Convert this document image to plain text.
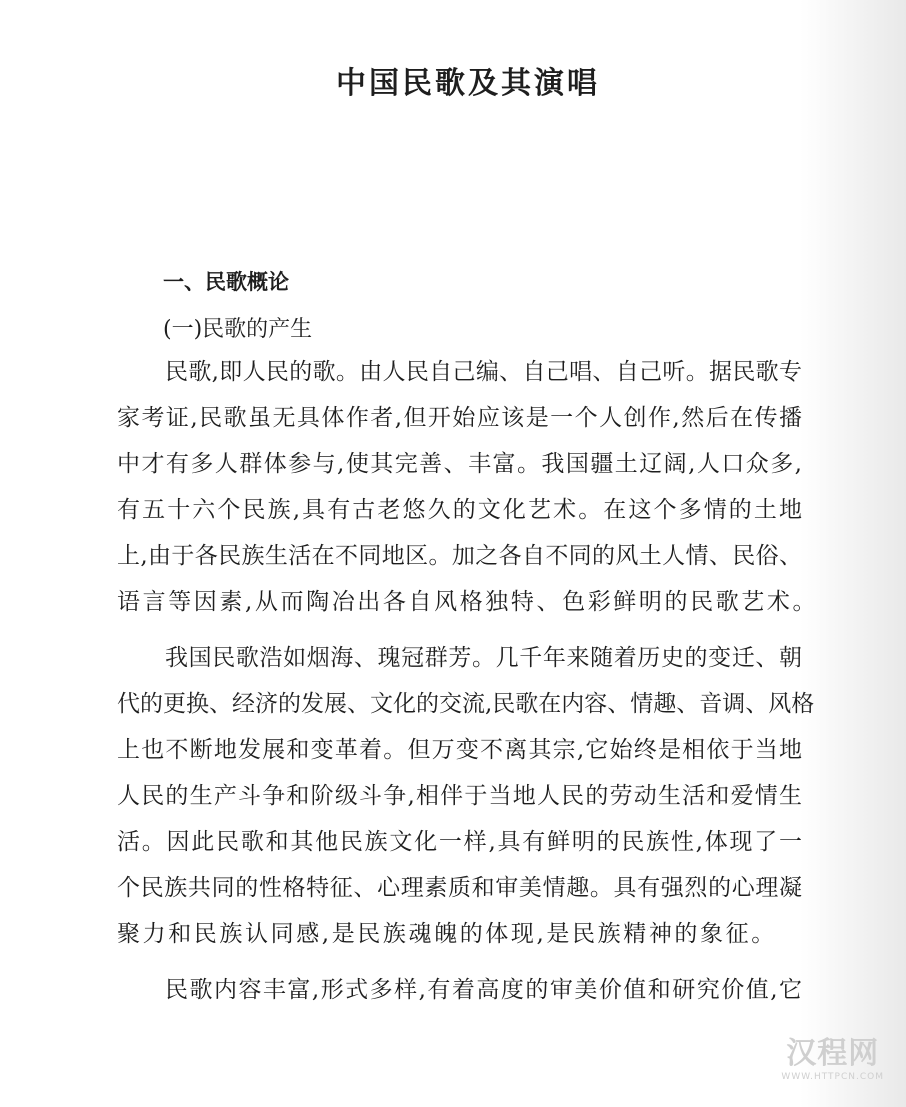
中国民歌及其演唱
一、民歌概论
(一)民歌的产生
民歌,即人民的歌。由人民自己编、自己唱、自己听。据民歌专
家考证,民歌虽无具体作者,但开始应该是一个人创作,然后在传播
中才有多人群体参与,使其完善、丰富。我国疆土辽阔,人口众多,
有五十六个民族,具有古老悠久的文化艺术。在这个多情的土地
上,由于各民族生活在不同地区。加之各自不同的风土人情、民俗、
语言等因素,从而陶冶出各自风格独特、色彩鲜明的民歌艺术。
我国民歌浩如烟海、瑰冠群芳。几千年来随着历史的变迁、朝
代的更换、经济的发展、文化的交流,民歌在内容、情趣、音调、风格
上也不断地发展和变革着。但万变不离其宗,它始终是相依于当地
人民的生产斗争和阶级斗争,相伴于当地人民的劳动生活和爱情生
活。因此民歌和其他民族文化一样,具有鲜明的民族性,体现了一
个民族共同的性格特征、心理素质和审美情趣。具有强烈的心理凝
聚力和民族认同感,是民族魂魄的体现,是民族精神的象征。
民歌内容丰富,形式多样,有着高度的审美价值和研究价值,它
汉程网
WWW.HTTPCN.COM
